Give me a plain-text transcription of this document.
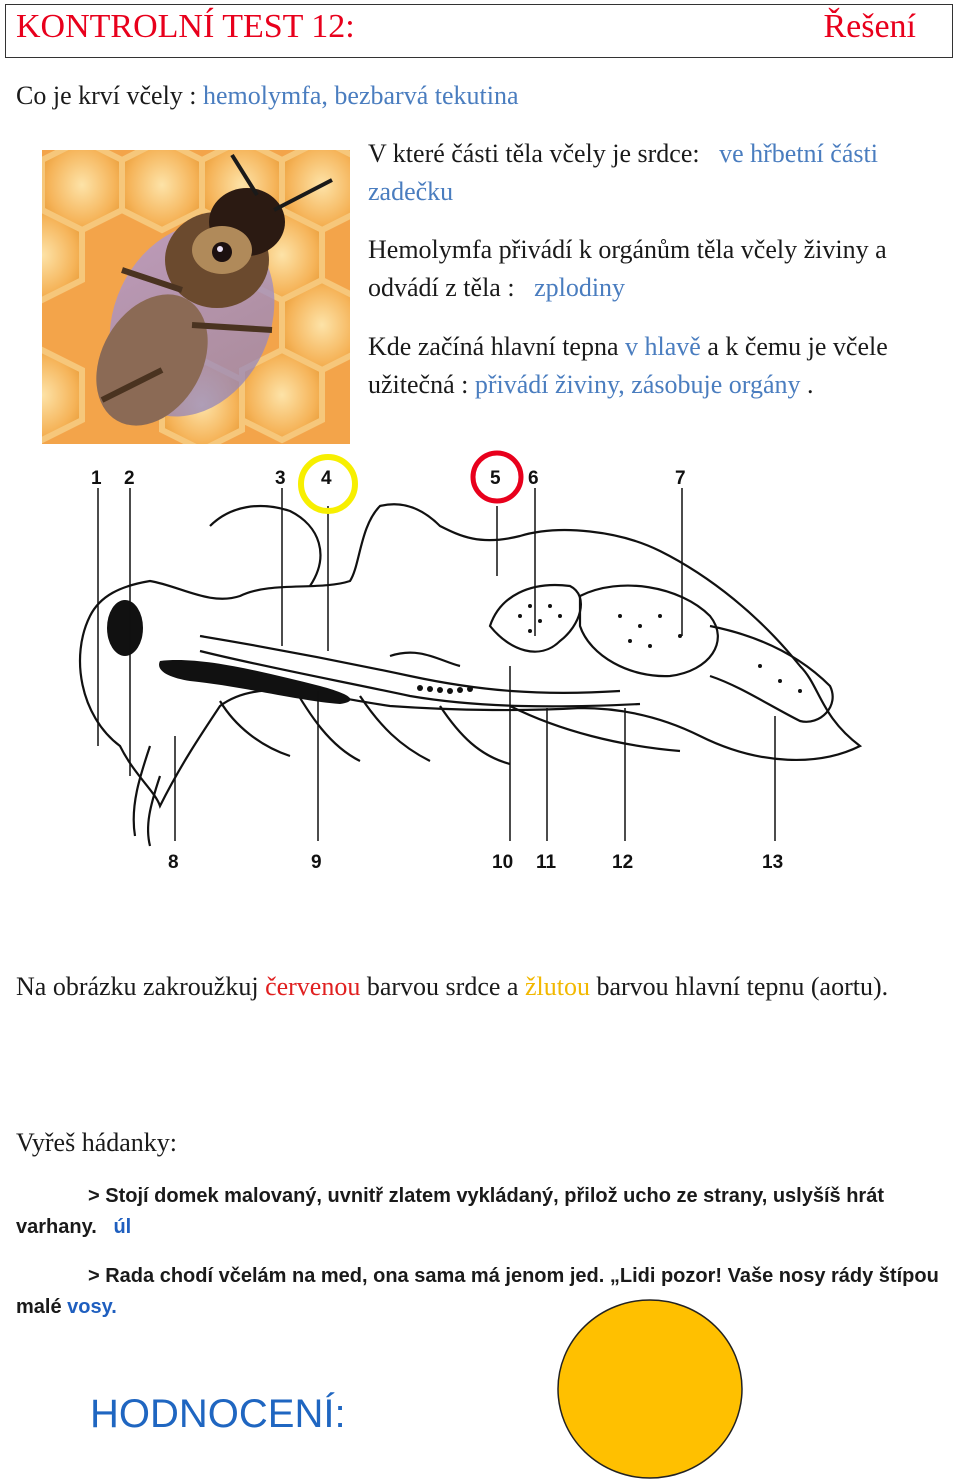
KONTROLNÍ TEST 12:	Řešení
Co je krví včely : hemolymfa, bezbarvá tekutina
V které části těla včely je srdce: ve hřbetní části zadečku
Hemolymfa přivádí k orgánům těla včely živiny a odvádí z těla : zplodiny
Kde začíná hlavní tepna v hlavě a k čemu je včele užitečná : přivádí živiny, zásobuje orgány .
1 2	3 4	5 6	7
8	9	10 11	12	13
Na obrázku zakroužkuj červenou barvou srdce a žlutou barvou hlavní tepnu (aortu).
Vyřeš hádanky:
> Stojí domek malovaný, uvnitř zlatem vykládaný, přilož ucho ze strany, uslyšíš hrát varhany. úl
> Rada chodí včelám na med, ona sama má jenom jed. „Lidi pozor! Vaše nosy rády štípou malé vosy.
HODNOCENÍ:
